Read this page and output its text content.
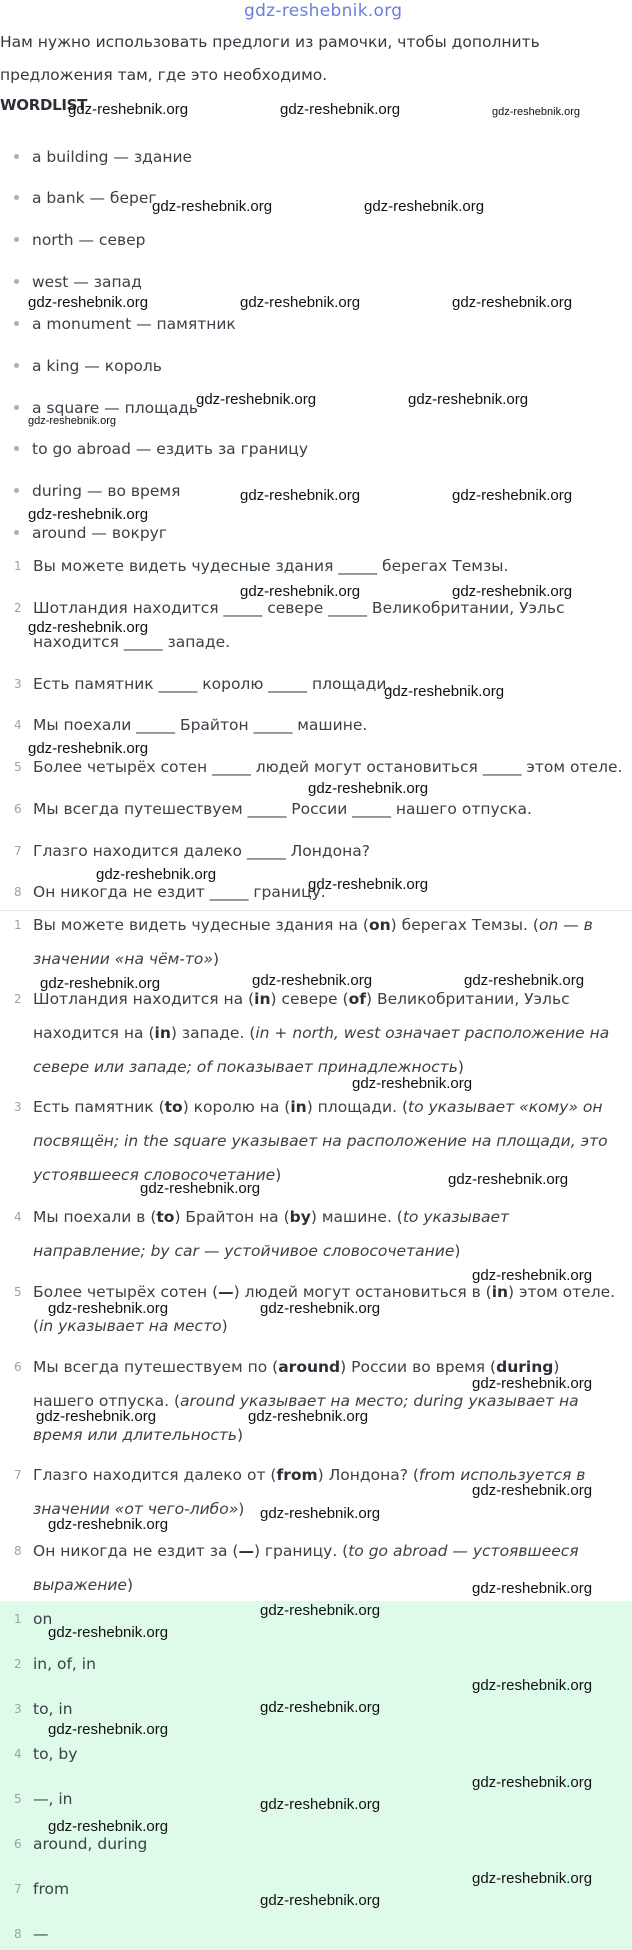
gdz-reshebnik.org
Нам нужно использовать предлоги из рамочки, чтобы дополнить предложения там, где это необходимо.
WORDLIST
a building — здание
a bank — берег
north — север
west — запад
a monument — памятник
a king — король
a square — площадь
to go abroad — ездить за границу
during — во время
around — вокруг
1 Вы можете видеть чудесные здания _____ берегах Темзы.
2 Шотландия находится _____ севере _____ Великобритании, Уэльс
находится _____ западе.
3 Есть памятник _____ королю _____ площади.
4 Мы поехали _____ Брайтон _____ машине.
5 Более четырёх сотен _____ людей могут остановиться _____ этом отеле.
6 Мы всегда путешествуем _____ России _____ нашего отпуска.
7 Глазго находится далеко _____ Лондона?
8 Он никогда не ездит _____ границу.
1 Вы можете видеть чудесные здания на (on) берегах Темзы. (on — в значении «на чём-то»)
2 Шотландия находится на (in) севере (of) Великобритании, Уэльс находится на (in) западе. (in + north, west означает расположение на севере или западе; of показывает принадлежность)
3 Есть памятник (to) королю на (in) площади. (to указывает «кому» он посвящён; in the square указывает на расположение на площади, это устоявшееся словосочетание)
4 Мы поехали в (to) Брайтон на (by) машине. (to указывает направление; by car — устойчивое словосочетание)
5 Более четырёх сотен (—) людей могут остановиться в (in) этом отеле. (in указывает на место)
6 Мы всегда путешествуем по (around) России во время (during) нашего отпуска. (around указывает на место; during указывает на время или длительность)
7 Глазго находится далеко от (from) Лондона? (from используется в значении «от чего-либо»)
8 Он никогда не ездит за (—) границу. (to go abroad — устоявшееся выражение)
1 on
2 in, of, in
3 to, in
4 to, by
5 —, in
6 around, during
7 from
8 —
gdz-reshebnik.org	gdz-reshebnik.org	gdz-reshebnik.org
gdz-reshebnik.org	gdz-reshebnik.org
gdz-reshebnik.org	gdz-reshebnik.org	gdz-reshebnik.org
gdz-reshebnik.org	gdz-reshebnik.org
gdz-reshebnik.org
gdz-reshebnik.org	gdz-reshebnik.org
gdz-reshebnik.org
gdz-reshebnik.org	gdz-reshebnik.org
gdz-reshebnik.org
gdz-reshebnik.org
gdz-reshebnik.org
gdz-reshebnik.org
gdz-reshebnik.org
gdz-reshebnik.org
gdz-reshebnik.org	gdz-reshebnik.org
gdz-reshebnik.org
gdz-reshebnik.org
gdz-reshebnik.org
gdz-reshebnik.org
gdz-reshebnik.org
gdz-reshebnik.org	gdz-reshebnik.org
gdz-reshebnik.org
gdz-reshebnik.org	gdz-reshebnik.org
gdz-reshebnik.org
gdz-reshebnik.org
gdz-reshebnik.org
gdz-reshebnik.org
gdz-reshebnik.org
gdz-reshebnik.org
gdz-reshebnik.org
gdz-reshebnik.org
gdz-reshebnik.org
gdz-reshebnik.org
gdz-reshebnik.org
gdz-reshebnik.org
gdz-reshebnik.org
gdz-reshebnik.org
